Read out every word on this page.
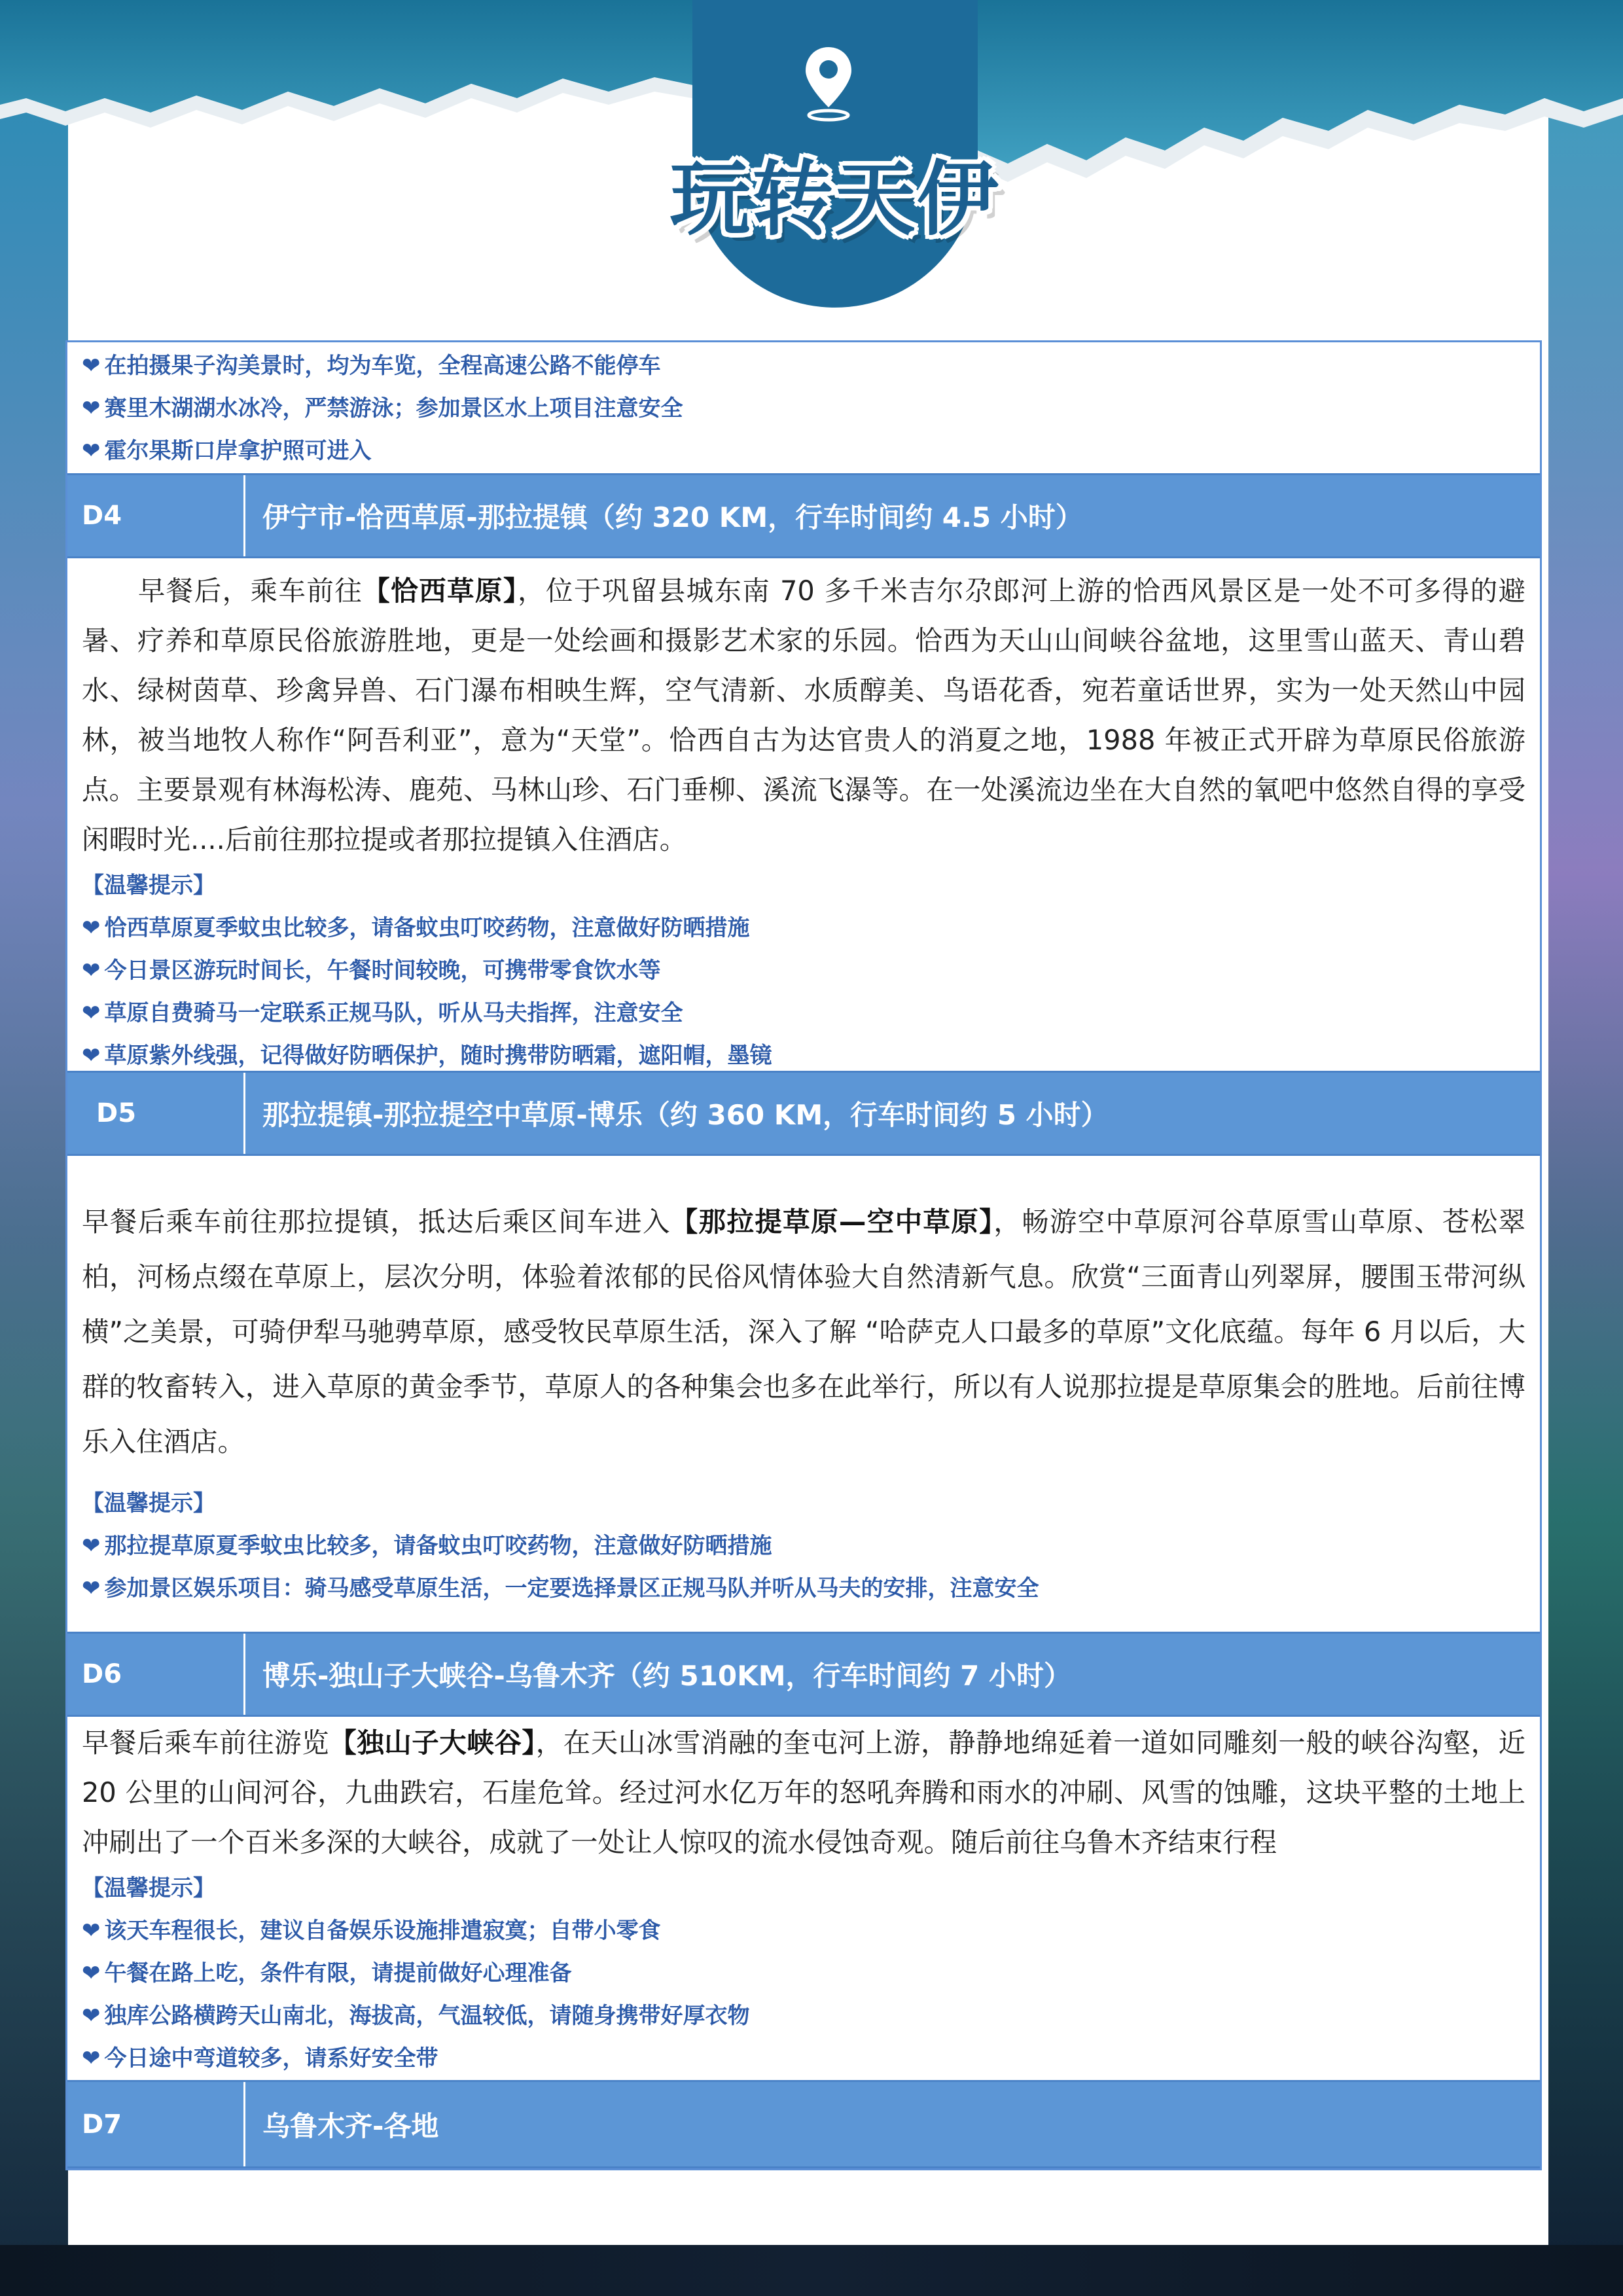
玩转天伊
❤ 在拍摄果子沟美景时，均为车览，全程高速公路不能停车
❤ 赛里木湖湖水冰冷，严禁游泳；参加景区水上项目注意安全
❤ 霍尔果斯口岸拿护照可进入
D4	伊宁市-恰西草原-那拉提镇（约 320 KM，行车时间约 4.5 小时）
　　早餐后，乘车前往【恰西草原】，位于巩留县城东南 70 多千米吉尔尕郎河上游的恰西风景区是一处不可多得的避暑、疗养和草原民俗旅游胜地，更是一处绘画和摄影艺术家的乐园。恰西为天山山间峡谷盆地，这里雪山蓝天、青山碧水、绿树茵草、珍禽异兽、石门瀑布相映生辉，空气清新、水质醇美、鸟语花香，宛若童话世界，实为一处天然山中园林，被当地牧人称作“阿吾利亚”，意为“天堂”。恰西自古为达官贵人的消夏之地，1988 年被正式开辟为草原民俗旅游点。主要景观有林海松涛、鹿苑、马林山珍、石门垂柳、溪流飞瀑等。在一处溪流边坐在大自然的氧吧中悠然自得的享受闲暇时光....后前往那拉提或者那拉提镇入住酒店。
【温馨提示】
❤ 恰西草原夏季蚊虫比较多，请备蚊虫叮咬药物，注意做好防晒措施
❤ 今日景区游玩时间长，午餐时间较晚，可携带零食饮水等
❤ 草原自费骑马一定联系正规马队，听从马夫指挥，注意安全
❤ 草原紫外线强，记得做好防晒保护，随时携带防晒霜，遮阳帽，墨镜
D5	那拉提镇-那拉提空中草原-博乐（约 360 KM，行车时间约 5 小时）
早餐后乘车前往那拉提镇，抵达后乘区间车进入【那拉提草原—空中草原】，畅游空中草原河谷草原雪山草原、苍松翠柏，河杨点缀在草原上，层次分明，体验着浓郁的民俗风情体验大自然清新气息。欣赏“三面青山列翠屏，腰围玉带河纵横”之美景，可骑伊犁马驰骋草原，感受牧民草原生活，深入了解 “哈萨克人口最多的草原”文化底蕴。每年 6 月以后，大群的牧畜转入，进入草原的黄金季节，草原人的各种集会也多在此举行，所以有人说那拉提是草原集会的胜地。后前往博乐入住酒店。
【温馨提示】
❤ 那拉提草原夏季蚊虫比较多，请备蚊虫叮咬药物，注意做好防晒措施
❤ 参加景区娱乐项目：骑马感受草原生活，一定要选择景区正规马队并听从马夫的安排，注意安全
D6	博乐-独山子大峡谷-乌鲁木齐（约 510KM，行车时间约 7 小时）
早餐后乘车前往游览【独山子大峡谷】，在天山冰雪消融的奎屯河上游，静静地绵延着一道如同雕刻一般的峡谷沟壑，近 20 公里的山间河谷，九曲跌宕，石崖危耸。经过河水亿万年的怒吼奔腾和雨水的冲刷、风雪的蚀雕，这块平整的土地上冲刷出了一个百米多深的大峡谷，成就了一处让人惊叹的流水侵蚀奇观。随后前往乌鲁木齐结束行程
【温馨提示】
❤ 该天车程很长，建议自备娱乐设施排遣寂寞；自带小零食
❤ 午餐在路上吃，条件有限，请提前做好心理准备
❤ 独库公路横跨天山南北，海拔高，气温较低，请随身携带好厚衣物
❤ 今日途中弯道较多，请系好安全带
D7	乌鲁木齐-各地
